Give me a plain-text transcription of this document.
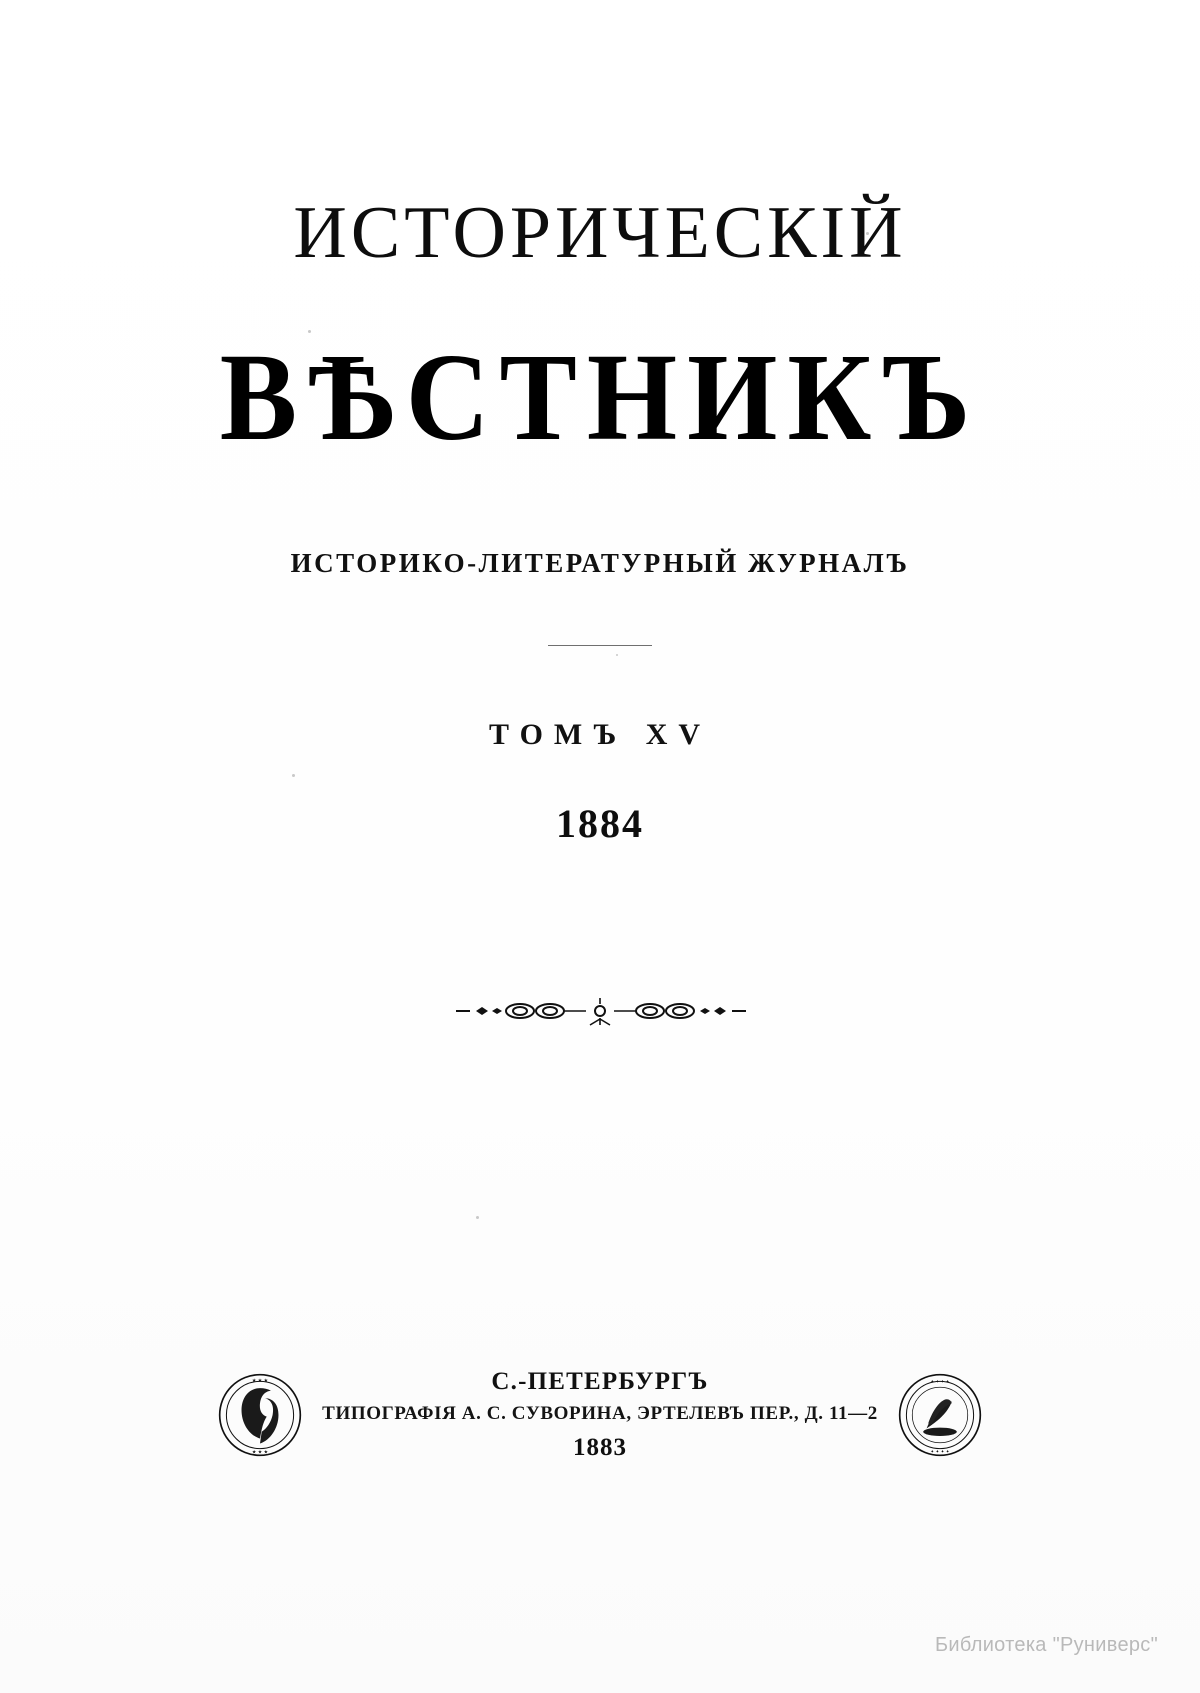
ИСТОРИЧЕСКІЙ
ВѢСТНИКЪ
ИСТОРИКО-ЛИТЕРАТУРНЫЙ ЖУРНАЛЪ
ТОМЪ XV
1884
★ ★ ★
★ ★ ★
С.-ПЕТЕРБУРГЪ
ТИПОГРАФІЯ А. С. СУВОРИНА, ЭРТЕЛЕВЪ ПЕР., Д. 11—2
1883
✦ ✦ ✦ ✦
✦ ✦ ✦ ✦
Библиотека "Руниверс"
